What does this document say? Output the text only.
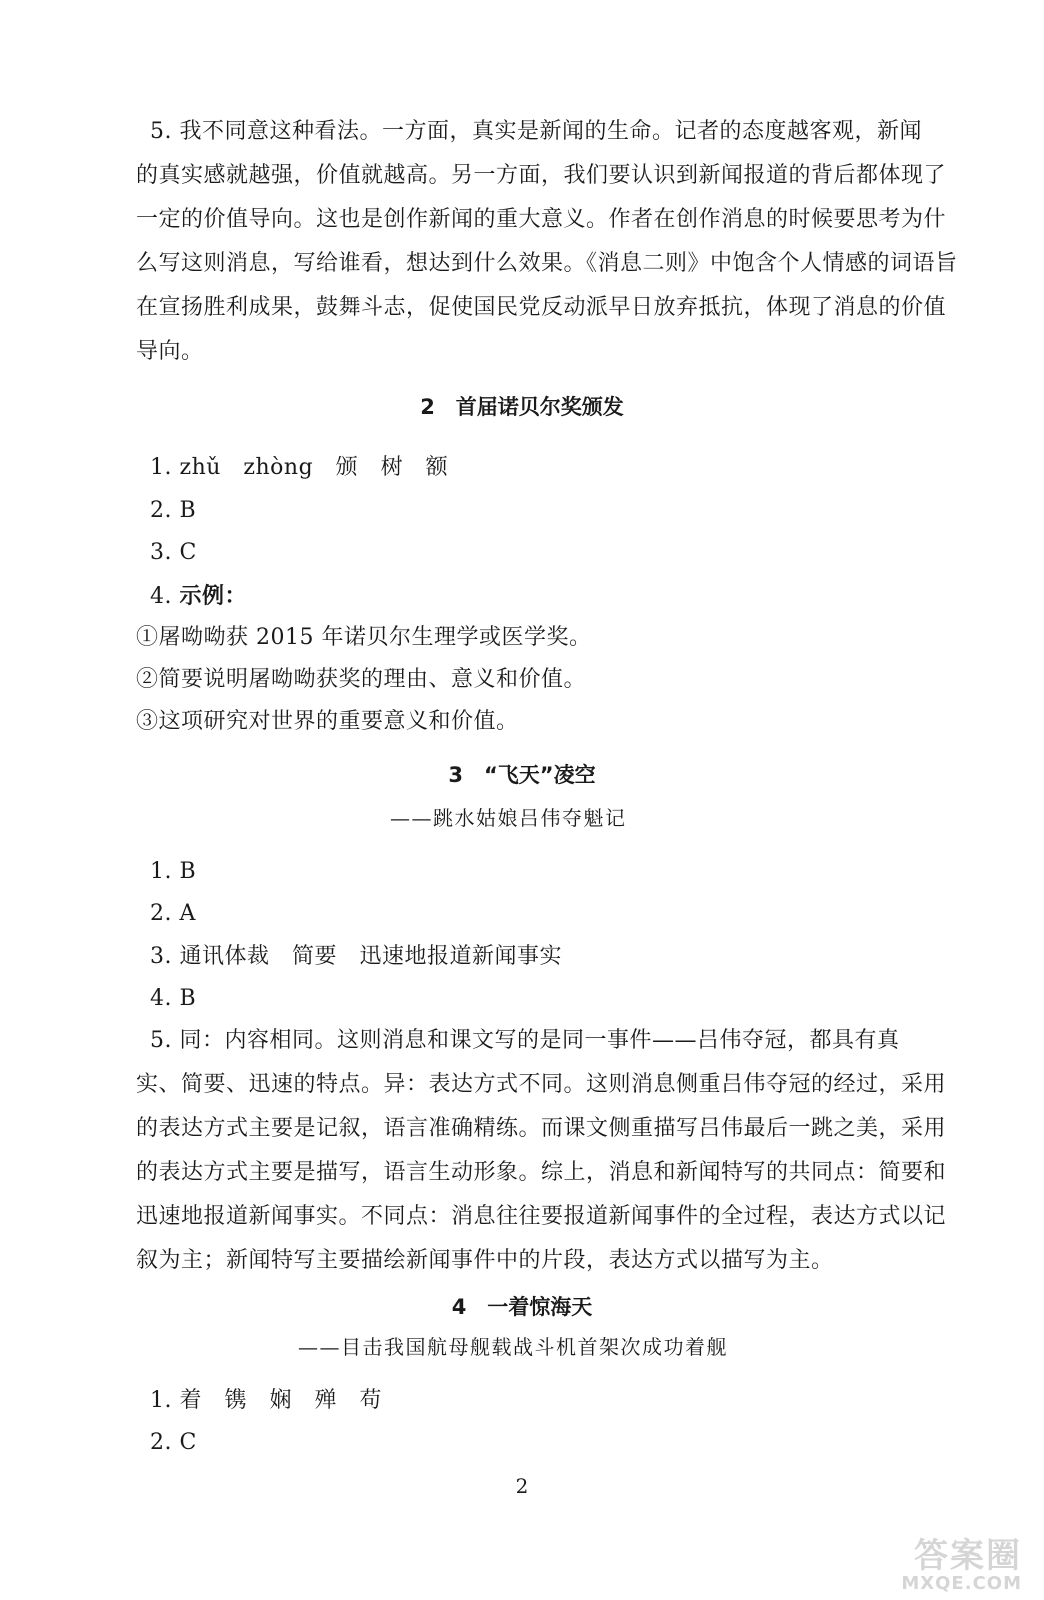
5. 我不同意这种看法。一方面，真实是新闻的生命。记者的态度越客观，新闻
的真实感就越强，价值就越高。另一方面，我们要认识到新闻报道的背后都体现了
一定的价值导向。这也是创作新闻的重大意义。作者在创作消息的时候要思考为什
么写这则消息，写给谁看，想达到什么效果。《消息二则》中饱含个人情感的词语旨
在宣扬胜利成果，鼓舞斗志，促使国民党反动派早日放弃抵抗，体现了消息的价值
导向。
2　首届诺贝尔奖颁发
1. zhǔ　zhòng　颁　树　额
2. B
3. C
4. 示例：
①屠呦呦获 2015 年诺贝尔生理学或医学奖。
②简要说明屠呦呦获奖的理由、意义和价值。
③这项研究对世界的重要意义和价值。
3　“飞天”凌空
——跳水姑娘吕伟夺魁记
1. B
2. A
3. 通讯体裁　简要　迅速地报道新闻事实
4. B
5. 同：内容相同。这则消息和课文写的是同一事件——吕伟夺冠，都具有真
实、简要、迅速的特点。异：表达方式不同。这则消息侧重吕伟夺冠的经过，采用
的表达方式主要是记叙，语言准确精练。而课文侧重描写吕伟最后一跳之美，采用
的表达方式主要是描写，语言生动形象。综上，消息和新闻特写的共同点：简要和
迅速地报道新闻事实。不同点：消息往往要报道新闻事件的全过程，表达方式以记
叙为主；新闻特写主要描绘新闻事件中的片段，表达方式以描写为主。
4　一着惊海天
——目击我国航母舰载战斗机首架次成功着舰
1. 着　镌　娴　殚　苟
2. C
2
答案圈
MXQE.COM
